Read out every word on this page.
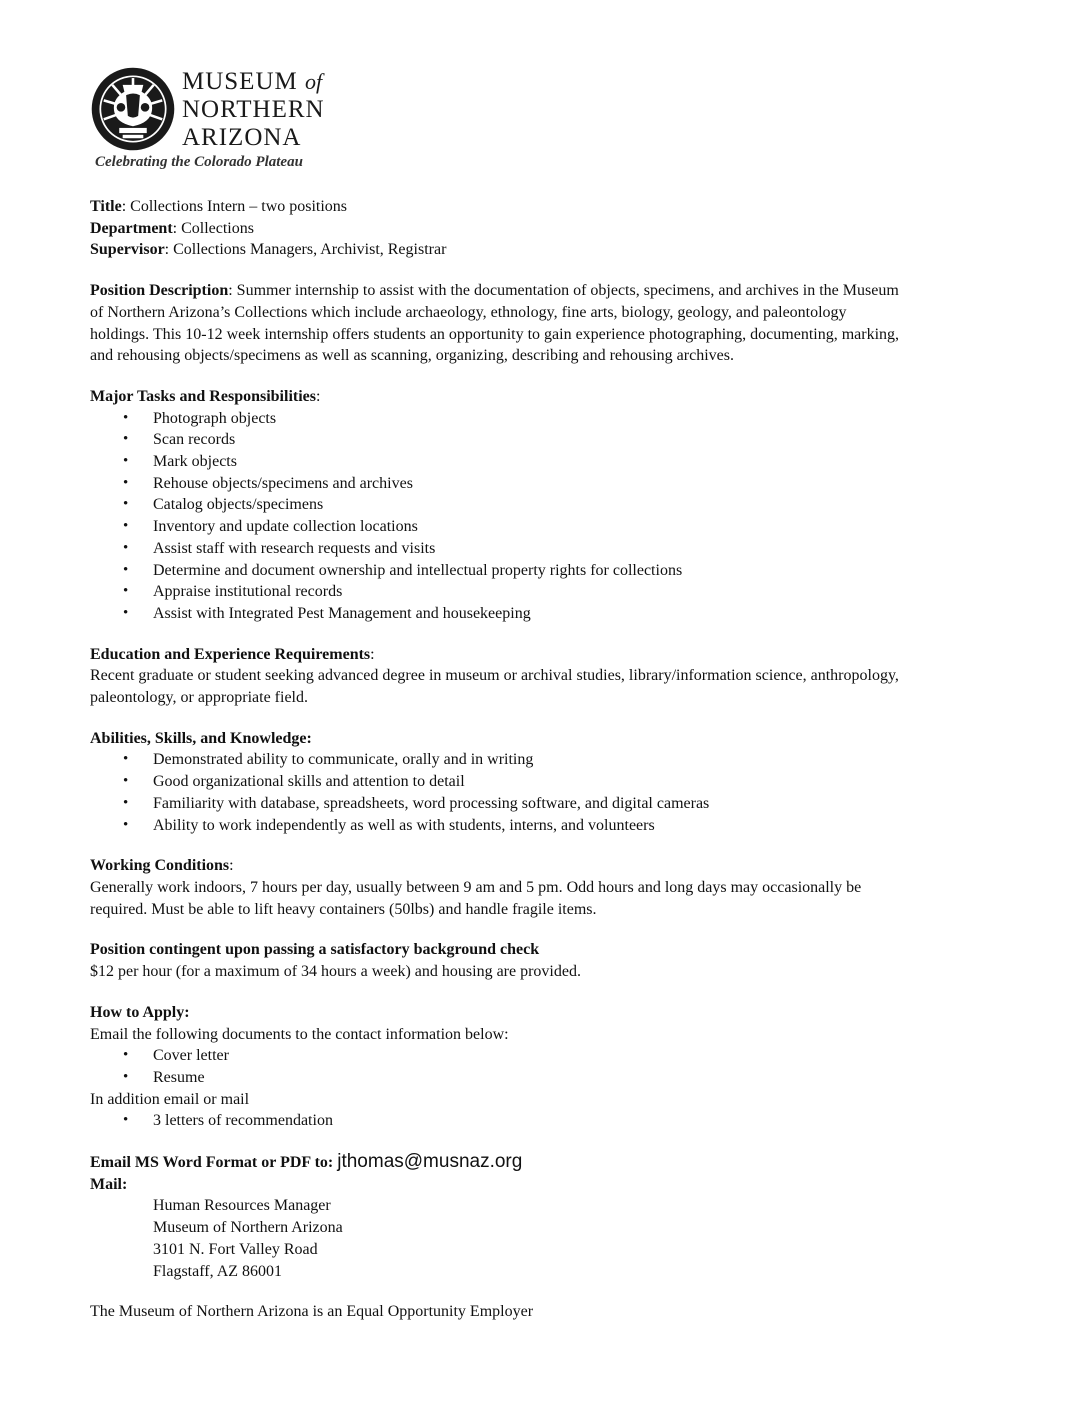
MUSEUM of
NORTHERN
ARIZONA
Celebrating the Colorado Plateau
Title: Collections Intern – two positions
Department: Collections
Supervisor: Collections Managers, Archivist, Registrar
Position Description: Summer internship to assist with the documentation of objects, specimens, and archives in the Museum
of Northern Arizona’s Collections which include archaeology, ethnology, fine arts, biology, geology, and paleontology
holdings. This 10-12 week internship offers students an opportunity to gain experience photographing, documenting, marking,
and rehousing objects/specimens as well as scanning, organizing, describing and rehousing archives.
Major Tasks and Responsibilities:
• Photograph objects
• Scan records
• Mark objects
• Rehouse objects/specimens and archives
• Catalog objects/specimens
• Inventory and update collection locations
• Assist staff with research requests and visits
• Determine and document ownership and intellectual property rights for collections
• Appraise institutional records
• Assist with Integrated Pest Management and housekeeping
Education and Experience Requirements:
Recent graduate or student seeking advanced degree in museum or archival studies, library/information science, anthropology,
paleontology, or appropriate field.
Abilities, Skills, and Knowledge:
• Demonstrated ability to communicate, orally and in writing
• Good organizational skills and attention to detail
• Familiarity with database, spreadsheets, word processing software, and digital cameras
• Ability to work independently as well as with students, interns, and volunteers
Working Conditions:
Generally work indoors, 7 hours per day, usually between 9 am and 5 pm. Odd hours and long days may occasionally be
required. Must be able to lift heavy containers (50lbs) and handle fragile items.
Position contingent upon passing a satisfactory background check
$12 per hour (for a maximum of 34 hours a week) and housing are provided.
How to Apply:
Email the following documents to the contact information below:
• Cover letter
• Resume
In addition email or mail
• 3 letters of recommendation
Email MS Word Format or PDF to: jthomas@musnaz.org
Mail:
Human Resources Manager
Museum of Northern Arizona
3101 N. Fort Valley Road
Flagstaff, AZ 86001
The Museum of Northern Arizona is an Equal Opportunity Employer
